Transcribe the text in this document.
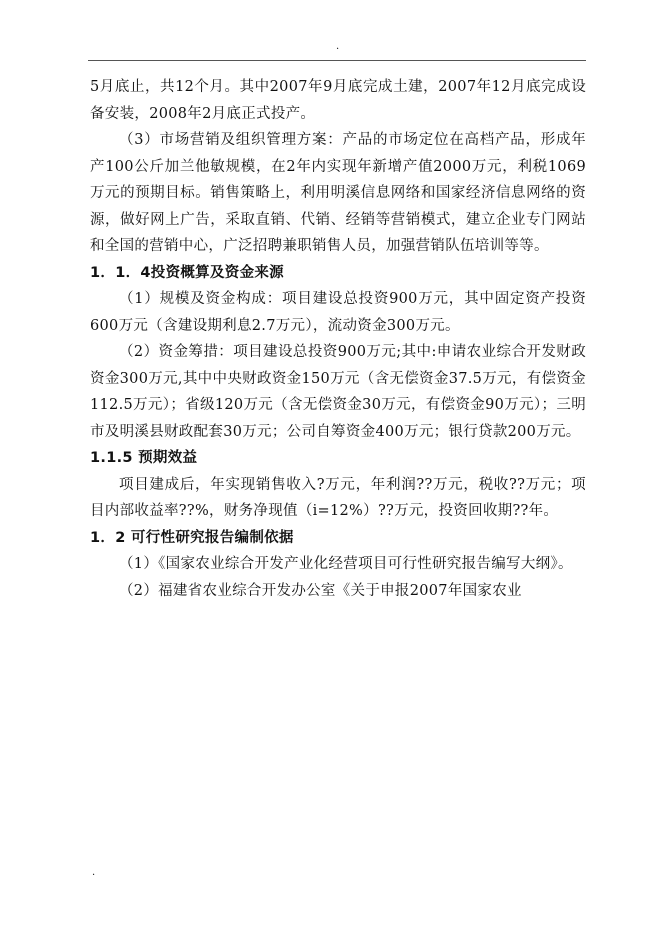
.

5月底止，共12个月。其中2007年9月底完成土建，2007年12月底完成设备安装，2008年2月底正式投产。

（3）市场营销及组织管理方案：产品的市场定位在高档产品，形成年产100公斤加兰他敏规模，在2年内实现年新增产值2000万元，利税1069万元的预期目标。销售策略上，利用明溪信息网络和国家经济信息网络的资源，做好网上广告，采取直销、代销、经销等营销模式，建立企业专门网站和全国的营销中心，广泛招聘兼职销售人员，加强营销队伍培训等等。

1．1．4投资概算及资金来源

（1）规模及资金构成：项目建设总投资900万元，其中固定资产投资600万元（含建设期利息2.7万元），流动资金300万元。

（2）资金筹措：项目建设总投资900万元;其中:申请农业综合开发财政资金300万元,其中中央财政资金150万元（含无偿资金37.5万元，有偿资金112.5万元）；省级120万元（含无偿资金30万元，有偿资金90万元）；三明市及明溪县财政配套30万元；公司自筹资金400万元；银行贷款200万元。

1.1.5 预期效益

项目建成后，年实现销售收入?万元，年利润??万元，税收??万元；项目内部收益率??%，财务净现值（i=12%）??万元，投资回收期??年。

1．2 可行性研究报告编制依据

（1）《国家农业综合开发产业化经营项目可行性研究报告编写大纲》。

（2）福建省农业综合开发办公室《关于申报2007年国家农业

.
